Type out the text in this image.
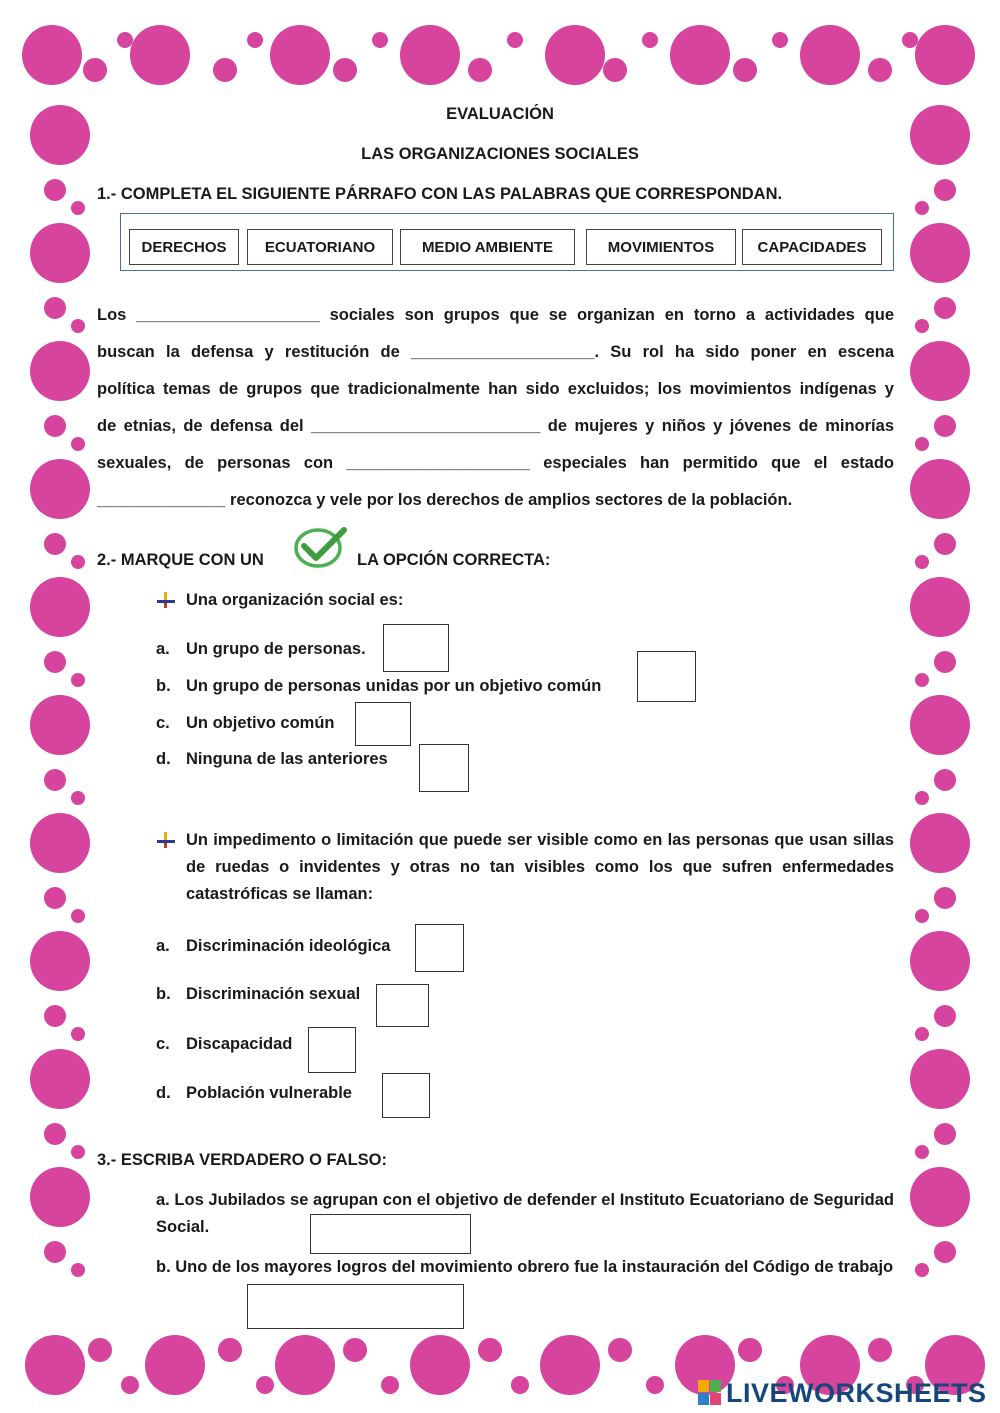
EVALUACIÓN
LAS ORGANIZACIONES SOCIALES
1.- COMPLETA EL SIGUIENTE PÁRRAFO CON LAS PALABRAS QUE CORRESPONDAN.
DERECHOS	ECUATORIANO	MEDIO AMBIENTE	MOVIMIENTOS	CAPACIDADES
Los ____________________ sociales son grupos que se organizan en torno a actividades que
buscan la defensa y restitución de ____________________. Su rol ha sido poner en escena
política temas de grupos que tradicionalmente han sido excluidos; los movimientos indígenas y
de etnias, de defensa del _________________________ de mujeres y niños y jóvenes de minorías
sexuales, de personas con ____________________ especiales han permitido que el estado
______________ reconozca y vele por los derechos de amplios sectores de la población.
2.- MARQUE CON UN	LA OPCIÓN CORRECTA:
Una organización social es:
a. Un grupo de personas.
b. Un grupo de personas unidas por un objetivo común
c. Un objetivo común
d. Ninguna de las anteriores
Un impedimento o limitación que puede ser visible como en las personas que usan sillas de ruedas o invidentes y otras no tan visibles como los que sufren enfermedades catastróficas se llaman:
a. Discriminación ideológica
b. Discriminación sexual
c. Discapacidad
d. Población vulnerable
3.- ESCRIBA VERDADERO O FALSO:
a. Los Jubilados se agrupan con el objetivo de defender el Instituto Ecuatoriano de Seguridad Social.
b. Uno de los mayores logros del movimiento obrero fue la instauración del Código de trabajo
LIVEWORKSHEETS
